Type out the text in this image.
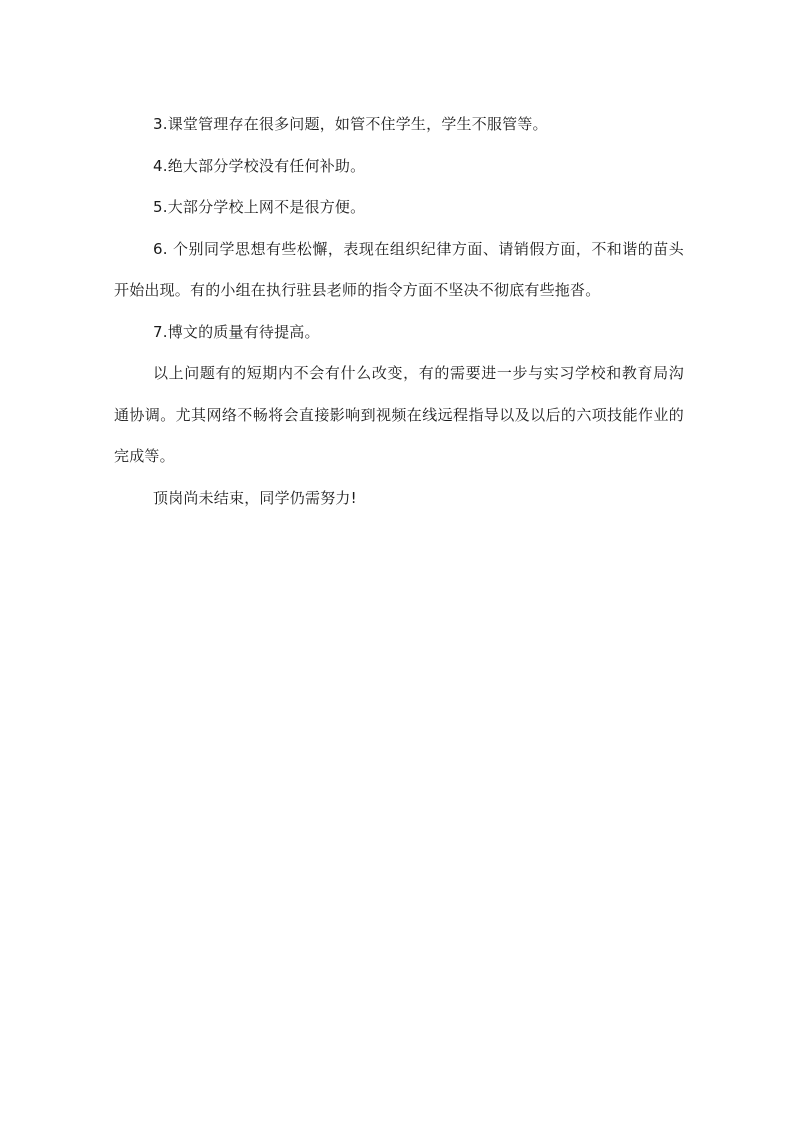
3.课堂管理存在很多问题，如管不住学生，学生不服管等。

4.绝大部分学校没有任何补助。

5.大部分学校上网不是很方便。

6. 个别同学思想有些松懈，表现在组织纪律方面、请销假方面，不和谐的苗头开始出现。有的小组在执行驻县老师的指令方面不坚决不彻底有些拖沓。

7.博文的质量有待提高。

以上问题有的短期内不会有什么改变，有的需要进一步与实习学校和教育局沟通协调。尤其网络不畅将会直接影响到视频在线远程指导以及以后的六项技能作业的完成等。

顶岗尚未结束，同学仍需努力!
